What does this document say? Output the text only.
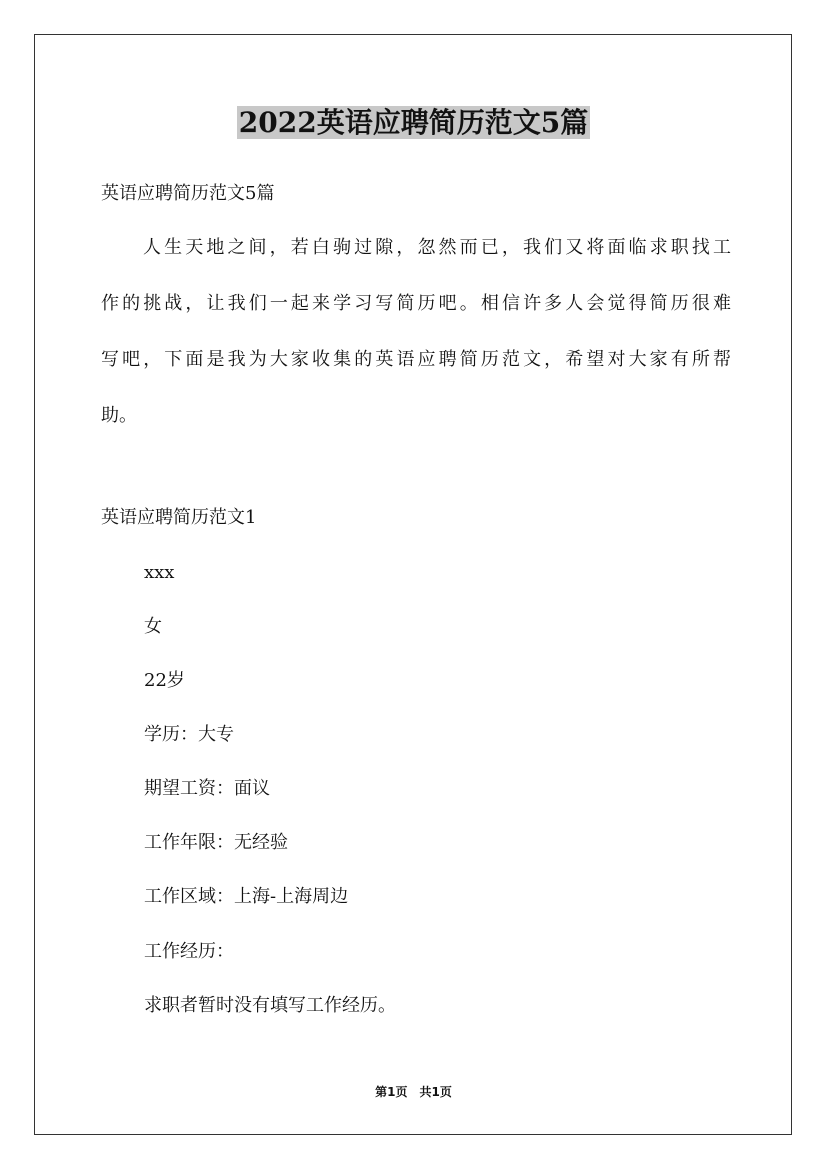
2022英语应聘简历范文5篇

英语应聘简历范文5篇

人生天地之间，若白驹过隙，忽然而已，我们又将面临求职找工
作的挑战，让我们一起来学习写简历吧。相信许多人会觉得简历很难
写吧，下面是我为大家收集的英语应聘简历范文，希望对大家有所帮
助。

英语应聘简历范文1

xxx

女

22岁

学历：大专

期望工资：面议

工作年限：无经验

工作区域：上海-上海周边

工作经历：

求职者暂时没有填写工作经历。

第1页 共1页
